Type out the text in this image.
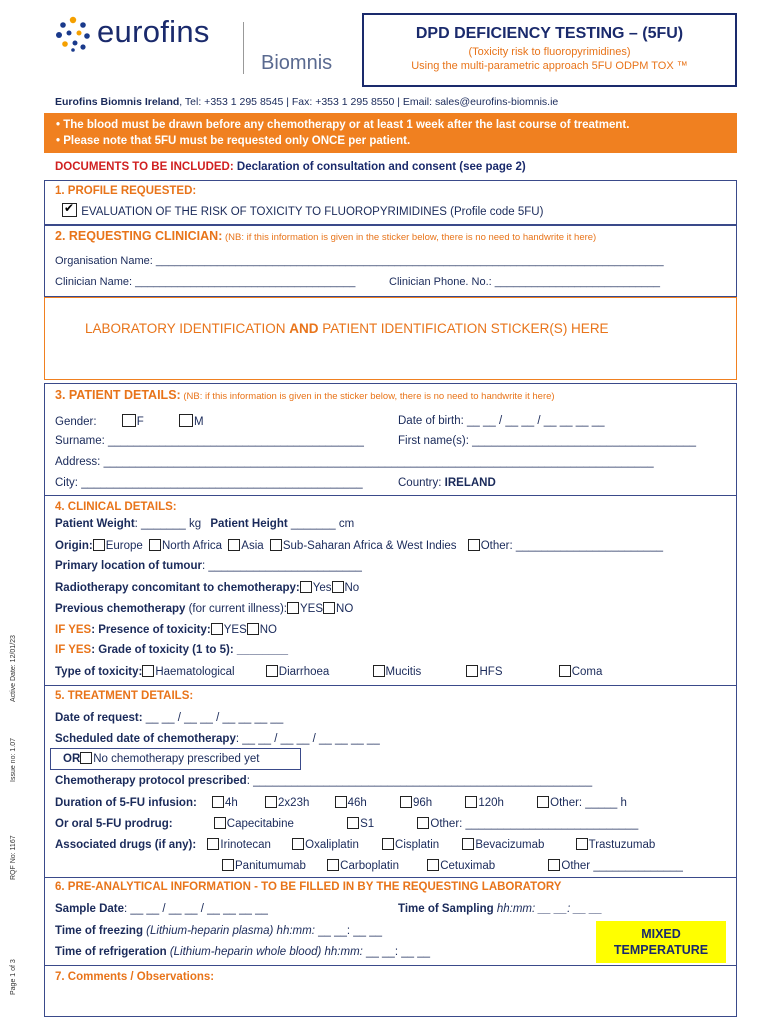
eurofins
Biomnis
DPD DEFICIENCY TESTING – (5FU)
(Toxicity risk to fluoropyrimidines)
Using the multi-parametric approach 5FU ODPM TOX ™
Eurofins Biomnis Ireland, Tel: +353 1 295 8545 | Fax: +353 1 295 8550 | Email: sales@eurofins-biomnis.ie
• The blood must be drawn before any chemotherapy or at least 1 week after the last course of treatment.
• Please note that 5FU must be requested only ONCE per patient.
DOCUMENTS TO BE INCLUDED: Declaration of consultation and consent (see page 2)
1. PROFILE REQUESTED:
✔ EVALUATION OF THE RISK OF TOXICITY TO FLUOROPYRIMIDINES (Profile code 5FU)
2. REQUESTING CLINICIAN: (NB: if this information is given in the sticker below, there is no need to handwrite it here)
Organisation Name: ___________________________________________________________________________________
Clinician Name: ____________________________________	Clinician Phone. No.: ___________________________
LABORATORY IDENTIFICATION AND PATIENT IDENTIFICATION STICKER(S) HERE
3. PATIENT DETAILS: (NB: if this information is given in the sticker below, there is no need to handwrite it here)
Gender:	F	M	Date of birth: __ __ / __ __ / __ __ __ __
Surname: ________________________________________	First name(s): ___________________________________
Address: ______________________________________________________________________________________
City: ____________________________________________	Country: IRELAND
4. CLINICAL DETAILS:
Patient Weight: _______ kg Patient Height _______ cm
Origin: Europe North Africa Asia Sub-Saharan Africa & West Indies Other: _______________________
Primary location of tumour: ________________________
Radiotherapy concomitant to chemotherapy: Yes No
Previous chemotherapy (for current illness): YES NO
IF YES: Presence of toxicity: YES NO
IF YES: Grade of toxicity (1 to 5): ________
Type of toxicity: Haematological	Diarrhoea	Mucitis	HFS	Coma
5. TREATMENT DETAILS:
Date of request: __ __ / __ __ / __ __ __ __
Scheduled date of chemotherapy: __ __ / __ __ / __ __ __ __
OR No chemotherapy prescribed yet
Chemotherapy protocol prescribed: _____________________________________________________
Duration of 5-FU infusion: 4h	2x23h	46h	96h	120h	Other: _____ h
Or oral 5-FU prodrug:	Capecitabine	S1	Other: ___________________________
Associated drugs (if any): Irinotecan	Oxaliplatin	Cisplatin	Bevacizumab	Trastuzumab
Panitumumab	Carboplatin	Cetuximab	Other ______________
6. PRE-ANALYTICAL INFORMATION - TO BE FILLED IN BY THE REQUESTING LABORATORY
Sample Date: __ __ / __ __ / __ __ __ __	Time of Sampling hh:mm: __ __: __ __
Time of freezing (Lithium-heparin plasma) hh:mm: __ __: __ __
Time of refrigeration (Lithium-heparin whole blood) hh:mm: __ __: __ __
MIXED
TEMPERATURE
7. Comments / Observations:
Active Date: 12/01/23
Issue no: 1.07
RQF No: 1167
Page 1 of 3
